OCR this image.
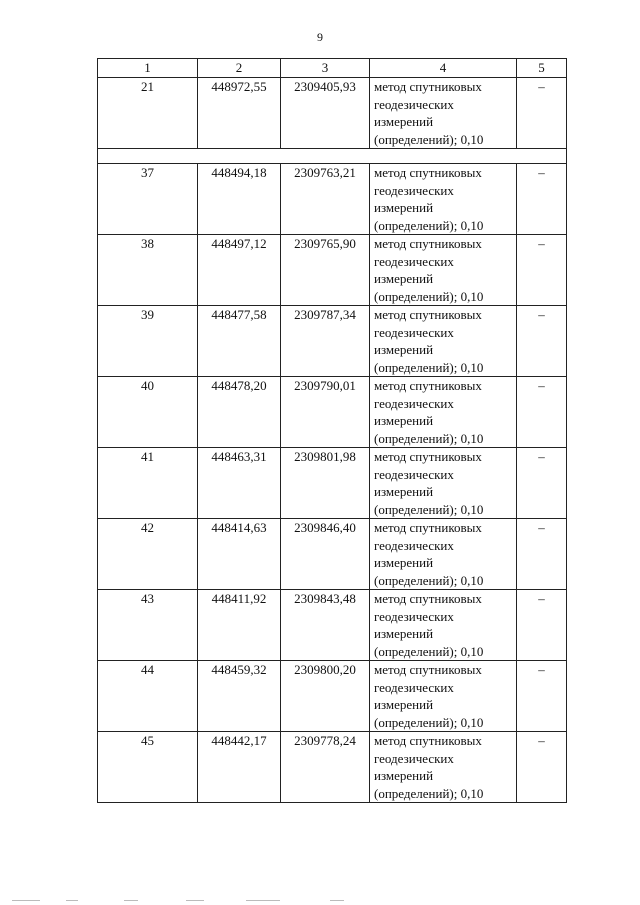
9
1	2	3	4	5
21	448972,55	2309405,93	метод спутниковых
геодезических
измерений
(определений); 0,10	–

37	448494,18	2309763,21	метод спутниковых
геодезических
измерений
(определений); 0,10	–
38	448497,12	2309765,90	метод спутниковых
геодезических
измерений
(определений); 0,10	–
39	448477,58	2309787,34	метод спутниковых
геодезических
измерений
(определений); 0,10	–
40	448478,20	2309790,01	метод спутниковых
геодезических
измерений
(определений); 0,10	–
41	448463,31	2309801,98	метод спутниковых
геодезических
измерений
(определений); 0,10	–
42	448414,63	2309846,40	метод спутниковых
геодезических
измерений
(определений); 0,10	–
43	448411,92	2309843,48	метод спутниковых
геодезических
измерений
(определений); 0,10	–
44	448459,32	2309800,20	метод спутниковых
геодезических
измерений
(определений); 0,10	–
45	448442,17	2309778,24	метод спутниковых
геодезических
измерений
(определений); 0,10	–
